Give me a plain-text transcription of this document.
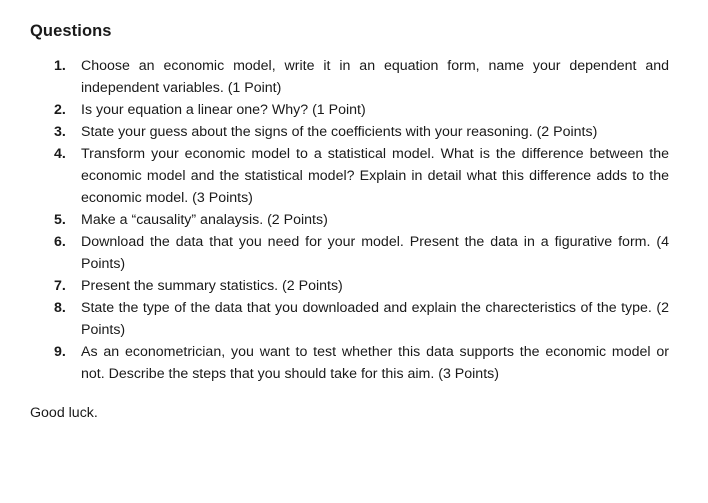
Questions
1.	Choose an economic model, write it in an equation form, name your dependent and independent variables. (1 Point)
2.	Is your equation a linear one? Why? (1 Point)
3.	State your guess about the signs of the coefficients with your reasoning. (2 Points)
4.	Transform your economic model to a statistical model. What is the difference between the economic model and the statistical model? Explain in detail what this difference adds to the economic model. (3 Points)
5.	Make a “causality” analaysis. (2 Points)
6.	Download the data that you need for your model. Present the data in a figurative form. (4 Points)
7.	Present the summary statistics. (2 Points)
8.	State the type of the data that you downloaded and explain the charecteristics of the type. (2 Points)
9.	As an econometrician, you want to test whether this data supports the economic model or not. Describe the steps that you should take for this aim. (3 Points)
Good luck.
